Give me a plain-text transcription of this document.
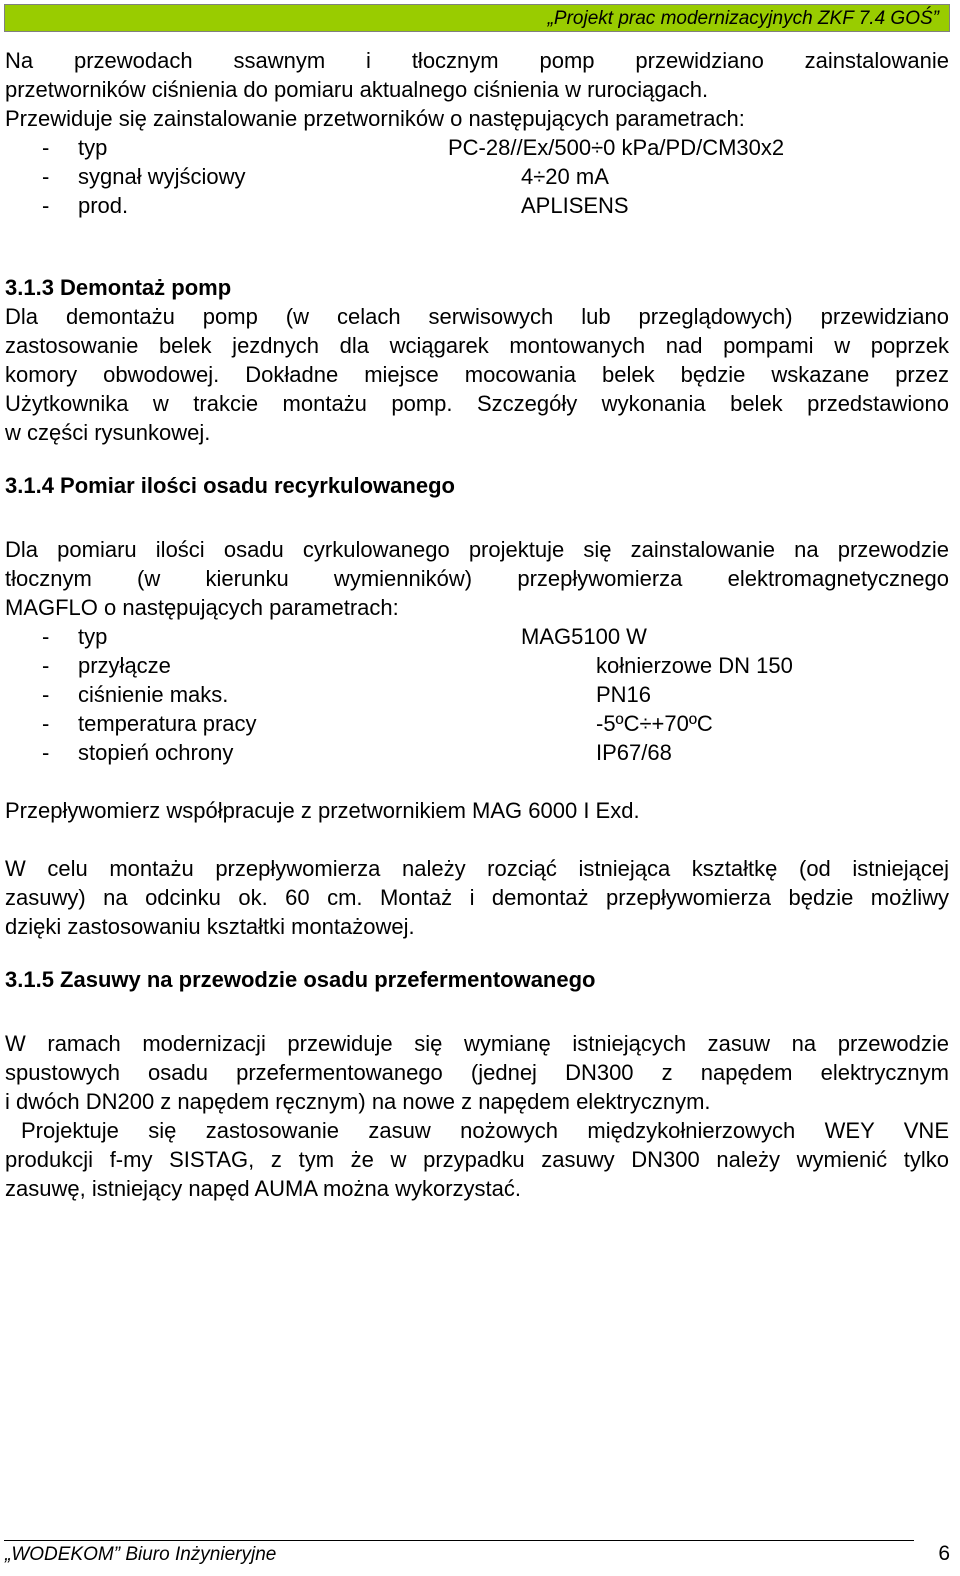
„Projekt prac modernizacyjnych ZKF 7.4 GOŚ”

Na przewodach ssawnym i tłocznym pomp przewidziano zainstalowanie

przetworników ciśnienia do pomiaru aktualnego ciśnienia w rurociągach.

Przewiduje się zainstalowanie przetworników o następujących parametrach:

- typ	PC-28//Ex/500÷0 kPa/PD/CM30x2
- sygnał wyjściowy	4÷20 mA
- prod.	APLISENS

3.1.3 Demontaż pomp

Dla demontażu pomp (w celach serwisowych lub przeglądowych) przewidziano

zastosowanie belek jezdnych dla wciągarek montowanych nad pompami w poprzek

komory obwodowej. Dokładne miejsce mocowania belek będzie wskazane przez

Użytkownika w trakcie montażu pomp. Szczegóły wykonania belek przedstawiono

w części rysunkowej.

3.1.4 Pomiar ilości osadu recyrkulowanego

Dla pomiaru ilości osadu cyrkulowanego projektuje się zainstalowanie na przewodzie

tłocznym (w kierunku wymienników) przepływomierza elektromagnetycznego

MAGFLO o następujących parametrach:

- typ	MAG5100 W
- przyłącze	kołnierzowe DN 150
- ciśnienie maks.	PN16
- temperatura pracy	-5ºC÷+70ºC
- stopień ochrony	IP67/68

Przepływomierz współpracuje z przetwornikiem MAG 6000 I Exd.

W celu montażu przepływomierza należy rozciąć istniejąca kształtkę (od istniejącej

zasuwy) na odcinku ok. 60 cm. Montaż i demontaż przepływomierza będzie możliwy

dzięki zastosowaniu kształtki montażowej.

3.1.5 Zasuwy na przewodzie osadu przefermentowanego

W ramach modernizacji przewiduje się wymianę istniejących zasuw na przewodzie

spustowych osadu przefermentowanego (jednej DN300 z napędem elektrycznym

i dwóch DN200 z napędem ręcznym) na nowe z napędem elektrycznym.

Projektuje się zastosowanie zasuw nożowych międzykołnierzowych WEY VNE

produkcji f-my SISTAG, z tym że w przypadku zasuwy DN300 należy wymienić tylko

zasuwę, istniejący napęd AUMA można wykorzystać.

„WODEKOM” Biuro Inżynieryjne	6
